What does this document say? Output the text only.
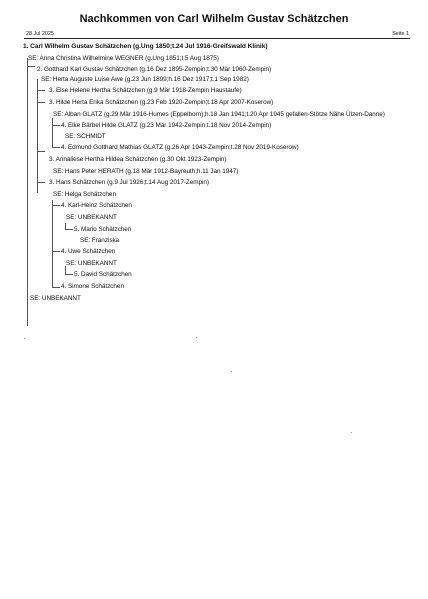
Nachkommen von Carl Wilhelm Gustav Schätzchen
28 Jul 2025	Seite 1
1. Carl Wilhelm Gustav Schätzchen (g.Ung 1850;t.24 Jul 1916-Greifswald Klinik)
SE: Anna Christina Wilhelmine WEGNER (g.Ung 1851;t.5 Aug 1875)
2. Gotthard Karl Gustav Schätzchen (g.16 Dez 1895-Zempin;t.30 Mär 1960-Zempin)
SE: Herta Auguste Luise Awe (g.23 Jun 1899;h.16 Dez 1917;t.1 Sep 1982)
3. Else Helene Hertha Schätzchen (g.9 Mär 1918-Zempin Haustaufe)
3. Hilde Herta Erika Schätzchen (g.23 Feb 1920-Zempin;t.18 Apr 2007-Koserow)
SE: Alban GLATZ (g.29 Mär 1916-Humes (Eppelborn);h.18 Jan 1941;t.20 Apr 1945 gefallen-Stötze Nähe Ülzen-Danne)
4. Elke Bärbel Hilde GLATZ (g.23 Mär 1942-Zempin;t.18 Nov 2014-Zempin)
SE: SCHMIDT
4. Edmund Gotthard Mathias GLATZ (g.26 Apr 1943-Zempin;t.28 Nov 2019-Koserow)
3. Annaliese Hertha Hildea Schätzchen (g.30 Okt 1923-Zempin)
SE: Hans Peter HERATH (g.18 Mär 1912-Bayreuth;h.11 Jan 1947)
3. Hans Schätzchen (g.9 Jul 1926;t.14 Aug 2017-Zempin)
SE: Helga Schätzchen
4. Karl-Heinz Schätzchen
SE: UNBEKANNT
5. Mario Schätzchen
SE: Franziska
4. Uwe Schätzchen
SE: UNBEKANNT
5. David Schätzchen
4. Simone Schätzchen
SE: UNBEKANNT
